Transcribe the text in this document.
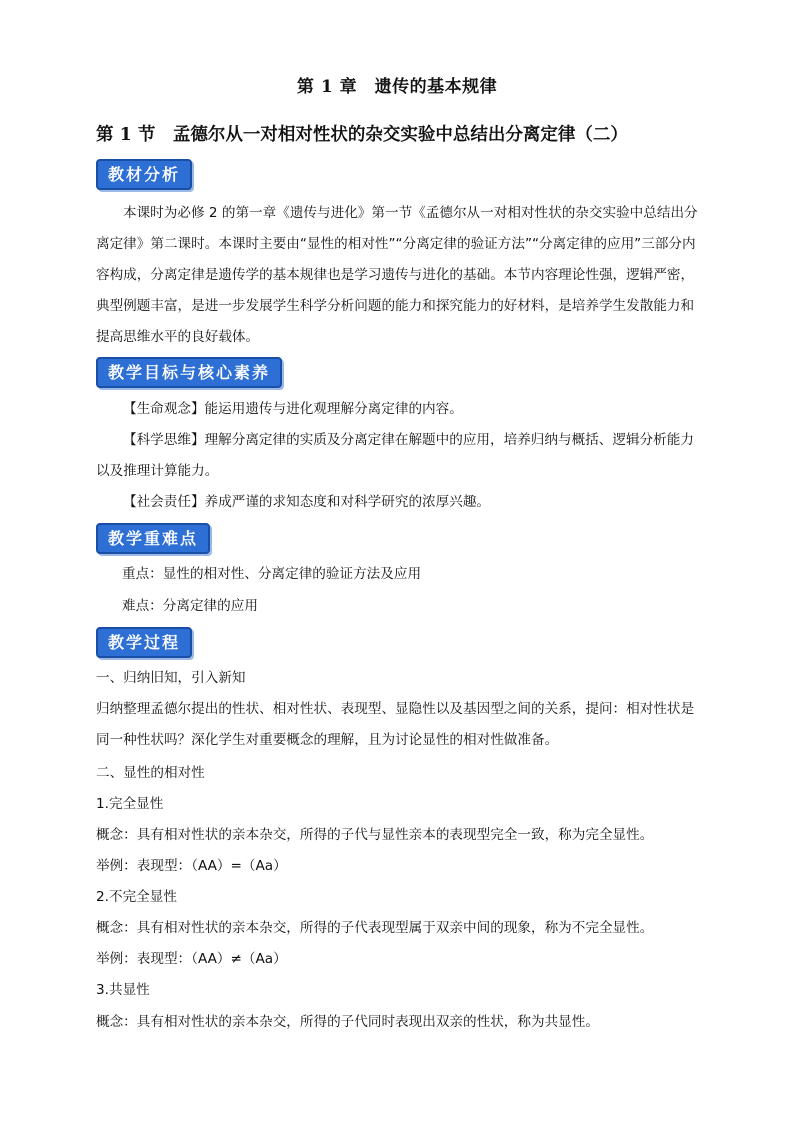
第 1 章　遗传的基本规律
第 1 节　孟德尔从一对相对性状的杂交实验中总结出分离定律（二）
教材分析

本课时为必修 2 的第一章《遗传与进化》第一节《孟德尔从一对相对性状的杂交实验中总结出分离定律》第二课时。本课时主要由“显性的相对性”“分离定律的验证方法”“分离定律的应用”三部分内容构成，分离定律是遗传学的基本规律也是学习遗传与进化的基础。本节内容理论性强，逻辑严密，典型例题丰富，是进一步发展学生科学分析问题的能力和探究能力的好材料，是培养学生发散能力和提高思维水平的良好载体。

教学目标与核心素养

【生命观念】能运用遗传与进化观理解分离定律的内容。

【科学思维】理解分离定律的实质及分离定律在解题中的应用，培养归纳与概括、逻辑分析能力以及推理计算能力。

【社会责任】养成严谨的求知态度和对科学研究的浓厚兴趣。

教学重难点
重点：显性的相对性、分离定律的验证方法及应用
难点：分离定律的应用
教学过程
一、归纳旧知，引入新知

归纳整理孟德尔提出的性状、相对性状、表现型、显隐性以及基因型之间的关系，提问：相对性状是同一种性状吗？深化学生对重要概念的理解，且为讨论显性的相对性做准备。

二、显性的相对性
1.完全显性
概念：具有相对性状的亲本杂交，所得的子代与显性亲本的表现型完全一致，称为完全显性。
举例：表现型：（AA）=（Aa）
2.不完全显性
概念：具有相对性状的亲本杂交，所得的子代表现型属于双亲中间的现象，称为不完全显性。
举例：表现型：（AA）≠（Aa）
3.共显性
概念：具有相对性状的亲本杂交，所得的子代同时表现出双亲的性状，称为共显性。
